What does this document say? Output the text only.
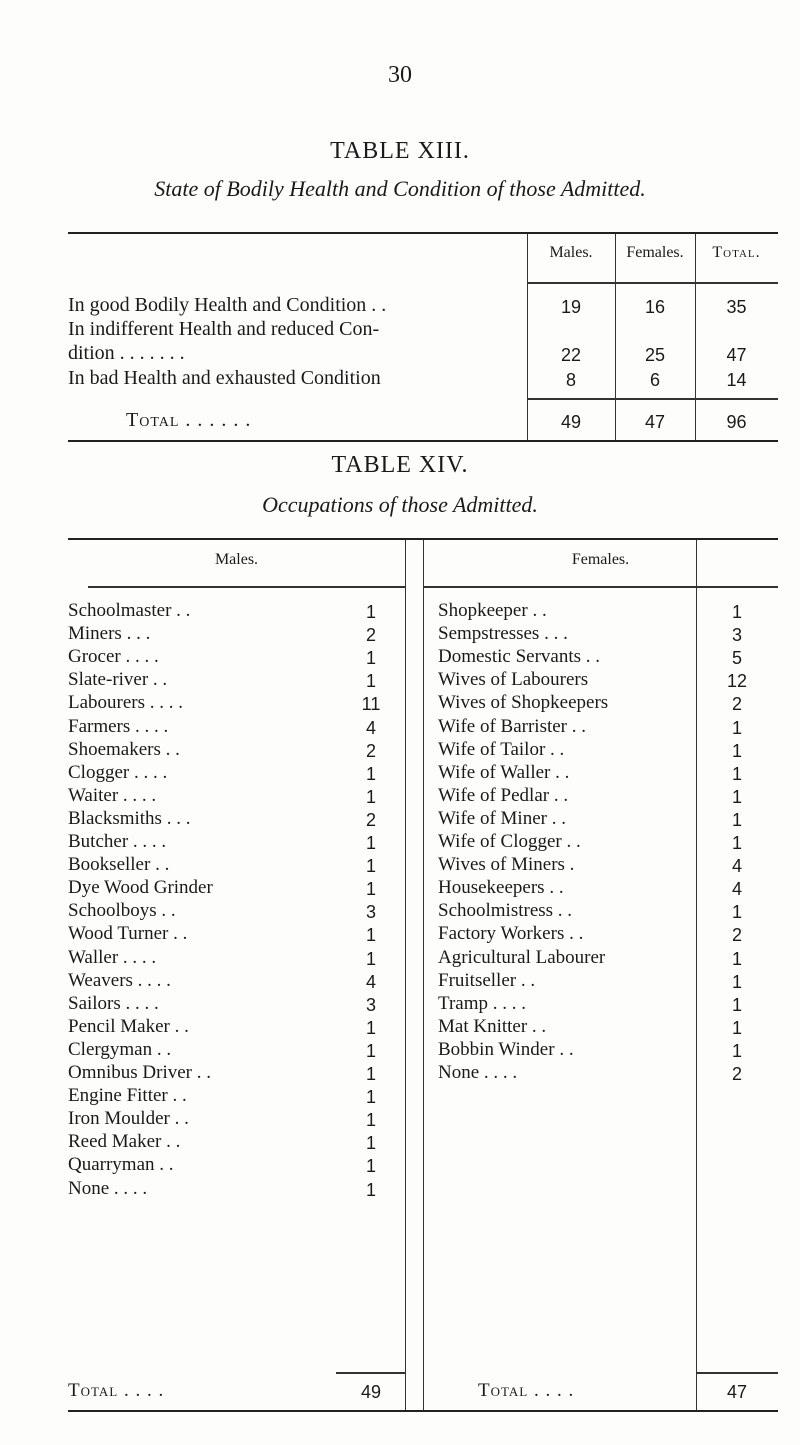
30
TABLE XIII.
State of Bodily Health and Condition of those Admitted.
Males.	Females.	Total.
In good Bodily Health and Condition . .	19	16	35
In indifferent Health and reduced Con-
dition . . . . . . .	22	25	47
In bad Health and exhausted Condition	8	6	14
Total . . . . . .	49	47	96
TABLE XIV.
Occupations of those Admitted.
Males.	Females.
Schoolmaster . .	1
Miners . . .	2
Grocer . . . .	1
Slate-river . .	1
Labourers . . . .	11
Farmers . . . .	4
Shoemakers . .	2
Clogger . . . .	1
Waiter . . . .	1
Blacksmiths . . .	2
Butcher . . . .	1
Bookseller . .	1
Dye Wood Grinder	1
Schoolboys . .	3
Wood Turner . .	1
Waller . . . .	1
Weavers . . . .	4
Sailors . . . .	3
Pencil Maker . .	1
Clergyman . .	1
Omnibus Driver . .	1
Engine Fitter . .	1
Iron Moulder . .	1
Reed Maker . .	1
Quarryman . .	1
None . . . .	1
Shopkeeper . .	1
Sempstresses . . .	3
Domestic Servants . .	5
Wives of Labourers	12
Wives of Shopkeepers	2
Wife of Barrister . .	1
Wife of Tailor . .	1
Wife of Waller . .	1
Wife of Pedlar . .	1
Wife of Miner . .	1
Wife of Clogger . .	1
Wives of Miners .	4
Housekeepers . .	4
Schoolmistress . .	1
Factory Workers . .	2
Agricultural Labourer	1
Fruitseller . .	1
Tramp . . . .	1
Mat Knitter . .	1
Bobbin Winder . .	1
None . . . .	2
Total . . . .	49	Total . . . .	47
